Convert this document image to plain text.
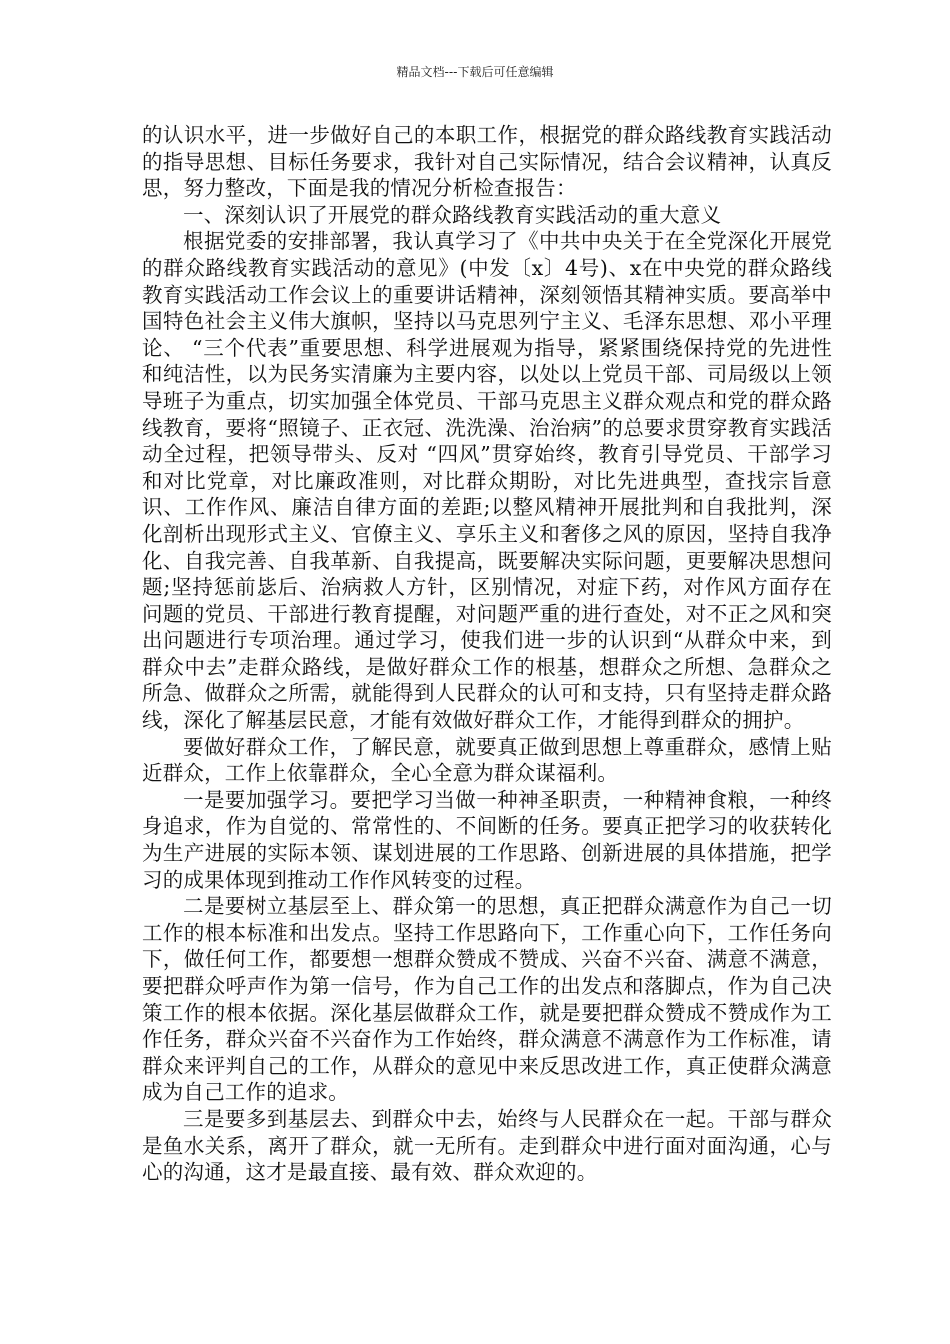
精品文档---下载后可任意编辑

的认识水平，进一步做好自己的本职工作，根据党的群众路线教育实践活动的指导思想、目标任务要求，我针对自己实际情况，结合会议精神，认真反思，努力整改，下面是我的情况分析检查报告：

一、深刻认识了开展党的群众路线教育实践活动的重大意义

根据党委的安排部署，我认真学习了《中共中央关于在全党深化开展党的群众路线教育实践活动的意见》(中发〔x〕4号)、x在中央党的群众路线教育实践活动工作会议上的重要讲话精神，深刻领悟其精神实质。要高举中国特色社会主义伟大旗帜，坚持以马克思列宁主义、毛泽东思想、邓小平理论、 “三个代表”重要思想、科学进展观为指导，紧紧围绕保持党的先进性和纯洁性，以为民务实清廉为主要内容，以处以上党员干部、司局级以上领导班子为重点，切实加强全体党员、干部马克思主义群众观点和党的群众路线教育，要将“照镜子、正衣冠、洗洗澡、治治病”的总要求贯穿教育实践活动全过程，把领导带头、反对 “四风”贯穿始终，教育引导党员、干部学习和对比党章，对比廉政准则，对比群众期盼，对比先进典型，查找宗旨意识、工作作风、廉洁自律方面的差距;以整风精神开展批判和自我批判，深化剖析出现形式主义、官僚主义、享乐主义和奢侈之风的原因，坚持自我净化、自我完善、自我革新、自我提高，既要解决实际问题，更要解决思想问题;坚持惩前毖后、治病救人方针，区别情况，对症下药，对作风方面存在问题的党员、干部进行教育提醒，对问题严重的进行查处，对不正之风和突出问题进行专项治理。通过学习，使我们进一步的认识到“从群众中来，到群众中去”走群众路线，是做好群众工作的根基，想群众之所想、急群众之所急、做群众之所需，就能得到人民群众的认可和支持，只有坚持走群众路线，深化了解基层民意，才能有效做好群众工作，才能得到群众的拥护。

要做好群众工作，了解民意，就要真正做到思想上尊重群众，感情上贴近群众，工作上依靠群众，全心全意为群众谋福利。

一是要加强学习。要把学习当做一种神圣职责，一种精神食粮，一种终身追求，作为自觉的、常常性的、不间断的任务。要真正把学习的收获转化为生产进展的实际本领、谋划进展的工作思路、创新进展的具体措施，把学习的成果体现到推动工作作风转变的过程。

二是要树立基层至上、群众第一的思想，真正把群众满意作为自己一切工作的根本标准和出发点。坚持工作思路向下，工作重心向下，工作任务向下，做任何工作，都要想一想群众赞成不赞成、兴奋不兴奋、满意不满意，要把群众呼声作为第一信号，作为自己工作的出发点和落脚点，作为自己决策工作的根本依据。深化基层做群众工作，就是要把群众赞成不赞成作为工作任务，群众兴奋不兴奋作为工作始终，群众满意不满意作为工作标准，请群众来评判自己的工作，从群众的意见中来反思改进工作，真正使群众满意成为自己工作的追求。

三是要多到基层去、到群众中去，始终与人民群众在一起。干部与群众是鱼水关系，离开了群众，就一无所有。走到群众中进行面对面沟通，心与心的沟通，这才是最直接、最有效、群众欢迎的。
